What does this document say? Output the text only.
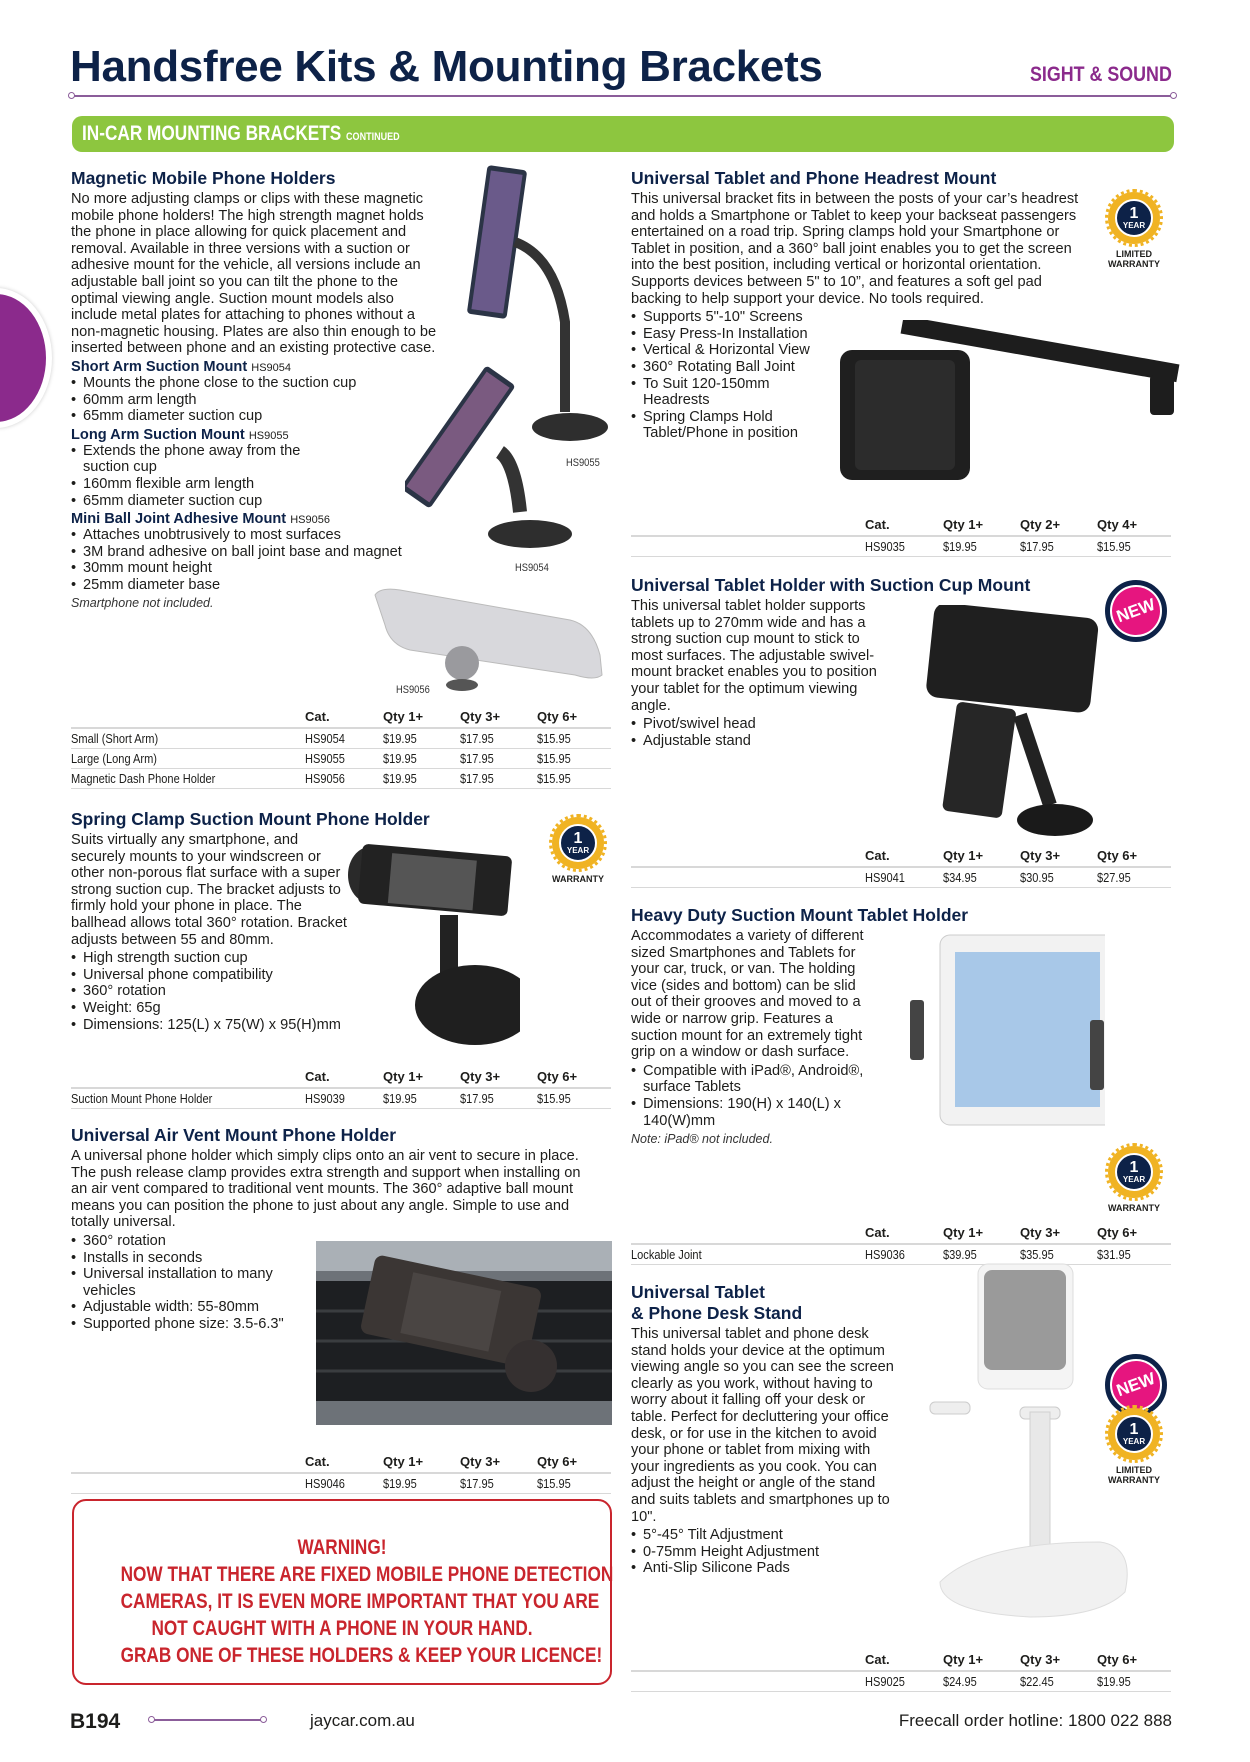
Handsfree Kits & Mounting Brackets	SIGHT & SOUND
IN-CAR MOUNTING BRACKETS CONTINUED
Magnetic Mobile Phone Holders
No more adjusting clamps or clips with these magnetic mobile phone holders! The high strength magnet holds the phone in place allowing for quick placement and removal. Available in three versions with a suction or adhesive mount for the vehicle, all versions include an adjustable ball joint so you can tilt the phone to the optimal viewing angle. Suction mount models also include metal plates for attaching to phones without a non-magnetic housing. Plates are also thin enough to be inserted between phone and an existing protective case.
Short Arm Suction Mount HS9054
• Mounts the phone close to the suction cup
• 60mm arm length
• 65mm diameter suction cup
Long Arm Suction Mount HS9055
• Extends the phone away from the suction cup
• 160mm flexible arm length
• 65mm diameter suction cup
Mini Ball Joint Adhesive Mount HS9056
• Attaches unobtrusively to most surfaces
• 3M brand adhesive on ball joint base and magnet
• 30mm mount height
• 25mm diameter base
Smartphone not included.
HS9055
HS9054
HS9056
	Cat.	Qty 1+	Qty 3+	Qty 6+
Small (Short Arm)	HS9054	$19.95	$17.95	$15.95
Large (Long Arm)	HS9055	$19.95	$17.95	$15.95
Magnetic Dash Phone Holder	HS9056	$19.95	$17.95	$15.95
Spring Clamp Suction Mount Phone Holder
Suits virtually any smartphone, and securely mounts to your windscreen or other non-porous flat surface with a super strong suction cup. The bracket adjusts to firmly hold your phone in place. The ballhead allows total 360° rotation. Bracket adjusts between 55 and 80mm.
• High strength suction cup
• Universal phone compatibility
• 360° rotation
• Weight: 65g
• Dimensions: 125(L) x 75(W) x 95(H)mm
1
YEAR
WARRANTY
	Cat.	Qty 1+	Qty 3+	Qty 6+
Suction Mount Phone Holder	HS9039	$19.95	$17.95	$15.95
Universal Air Vent Mount Phone Holder
A universal phone holder which simply clips onto an air vent to secure in place. The push release clamp provides extra strength and support when installing on an air vent compared to traditional vent mounts. The 360° adaptive ball mount means you can position the phone to just about any angle. Simple to use and totally universal.
• 360° rotation
• Installs in seconds
• Universal installation to many vehicles
• Adjustable width: 55-80mm
• Supported phone size: 3.5-6.3"
	Cat.	Qty 1+	Qty 3+	Qty 6+
	HS9046	$19.95	$17.95	$15.95
WARNING!
NOW THAT THERE ARE FIXED MOBILE PHONE DETECTION
CAMERAS, IT IS EVEN MORE IMPORTANT THAT YOU ARE
NOT CAUGHT WITH A PHONE IN YOUR HAND.
GRAB ONE OF THESE HOLDERS & KEEP YOUR LICENCE!
Universal Tablet and Phone Headrest Mount
This universal bracket fits in between the posts of your car’s headrest and holds a Smartphone or Tablet to keep your backseat passengers entertained on a road trip. Spring clamps hold your Smartphone or Tablet in position, and a 360° ball joint enables you to get the screen into the best position, including vertical or horizontal orientation. Supports devices between 5" to 10”, and features a soft gel pad backing to help support your device. No tools required.
• Supports 5"-10" Screens
• Easy Press-In Installation
• Vertical & Horizontal View
• 360° Rotating Ball Joint
• To Suit 120-150mm Headrests
• Spring Clamps Hold Tablet/Phone in position
1
YEAR
LIMITED WARRANTY
	Cat.	Qty 1+	Qty 2+	Qty 4+
	HS9035	$19.95	$17.95	$15.95
Universal Tablet Holder with Suction Cup Mount
This universal tablet holder supports tablets up to 270mm wide and has a strong suction cup mount to stick to most surfaces. The adjustable swivel-mount bracket enables you to position your tablet for the optimum viewing angle.
• Pivot/swivel head
• Adjustable stand
NEW
	Cat.	Qty 1+	Qty 3+	Qty 6+
	HS9041	$34.95	$30.95	$27.95
Heavy Duty Suction Mount Tablet Holder
Accommodates a variety of different sized Smartphones and Tablets for your car, truck, or van. The holding vice (sides and bottom) can be slid out of their grooves and moved to a wide or narrow grip. Features a suction mount for an extremely tight grip on a window or dash surface.
• Compatible with iPad®, Android®, surface Tablets
• Dimensions: 190(H) x 140(L) x 140(W)mm
Note: iPad® not included.
1
YEAR
WARRANTY
	Cat.	Qty 1+	Qty 3+	Qty 6+
Lockable Joint	HS9036	$39.95	$35.95	$31.95
Universal Tablet
& Phone Desk Stand
This universal tablet and phone desk stand holds your device at the optimum viewing angle so you can see the screen clearly as you work, without having to worry about it falling off your desk or table. Perfect for decluttering your office desk, or for use in the kitchen to avoid your phone or tablet from mixing with your ingredients as you cook. You can adjust the height or angle of the stand and suits tablets and smartphones up to 10".
• 5°-45° Tilt Adjustment
• 0-75mm Height Adjustment
• Anti-Slip Silicone Pads
NEW
1
YEAR
LIMITED WARRANTY
	Cat.	Qty 1+	Qty 3+	Qty 6+
	HS9025	$24.95	$22.45	$19.95
B194	jaycar.com.au	Freecall order hotline: 1800 022 888
